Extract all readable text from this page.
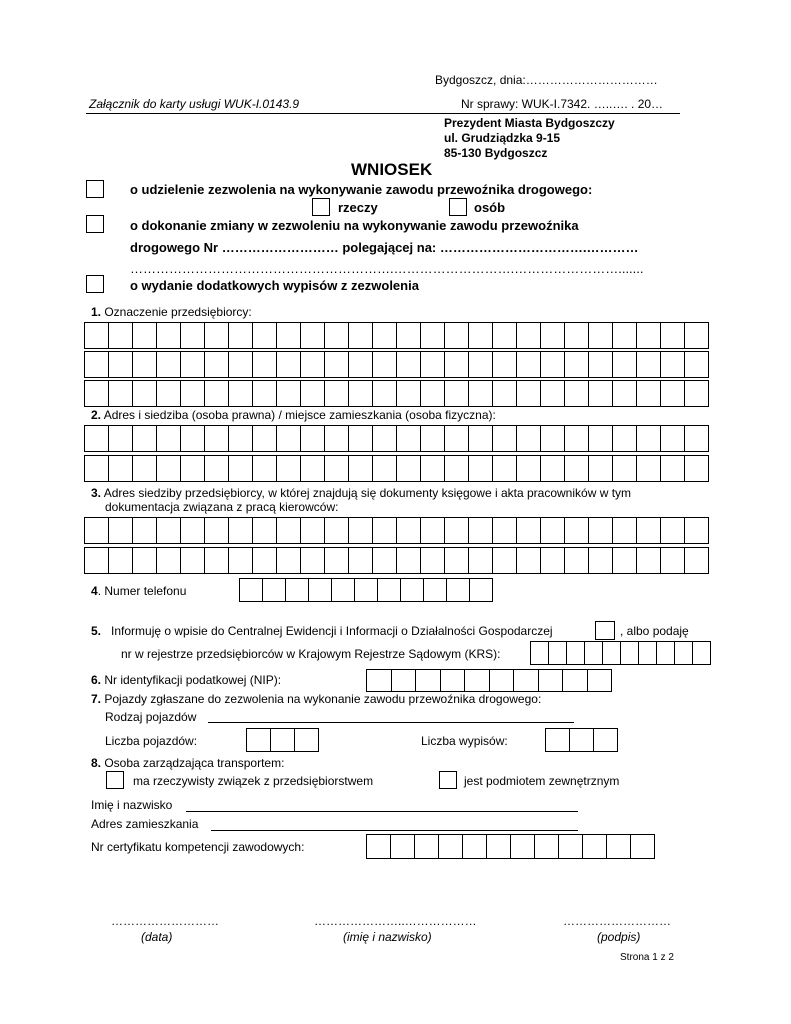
Bydgoszcz, dnia:……………………………
Załącznik do karty usługi WUK-I.0143.9	Nr sprawy: WUK-I.7342. …..…. . 20…
Prezydent Miasta Bydgoszczy
ul. Grudziądzka 9-15
85-130 Bydgoszcz
WNIOSEK
o udzielenie zezwolenia na wykonywanie zawodu przewoźnika drogowego:
rzeczy	osób
o dokonanie zmiany w zezwoleniu na wykonywanie zawodu przewoźnika
drogowego Nr ……………………… polegającej na: …………………………….…………
…………………………………………………….……………………….…………………….......
o wydanie dodatkowych wypisów z zezwolenia
1. Oznaczenie przedsiębiorcy:
2. Adres i siedziba (osoba prawna) / miejsce zamieszkania (osoba fizyczna):
3. Adres siedziby przedsiębiorcy, w której znajdują się dokumenty księgowe i akta pracowników w tym
dokumentacja związana z pracą kierowców:
4. Numer telefonu
5. Informuję o wpisie do Centralnej Ewidencji i Informacji o Działalności Gospodarczej	, albo podaję
nr w rejestrze przedsiębiorców w Krajowym Rejestrze Sądowym (KRS):
6. Nr identyfikacji podatkowej (NIP):
7. Pojazdy zgłaszane do zezwolenia na wykonanie zawodu przewoźnika drogowego:
Rodzaj pojazdów
Liczba pojazdów:	Liczba wypisów:
8. Osoba zarządzająca transportem:
ma rzeczywisty związek z przedsiębiorstwem	jest podmiotem zewnętrznym
Imię i nazwisko
Adres zamieszkania
Nr certyfikatu kompetencji zawodowych:
………………………	…………………..………………	………………………
(data)	(imię i nazwisko)	(podpis)
Strona 1 z 2
